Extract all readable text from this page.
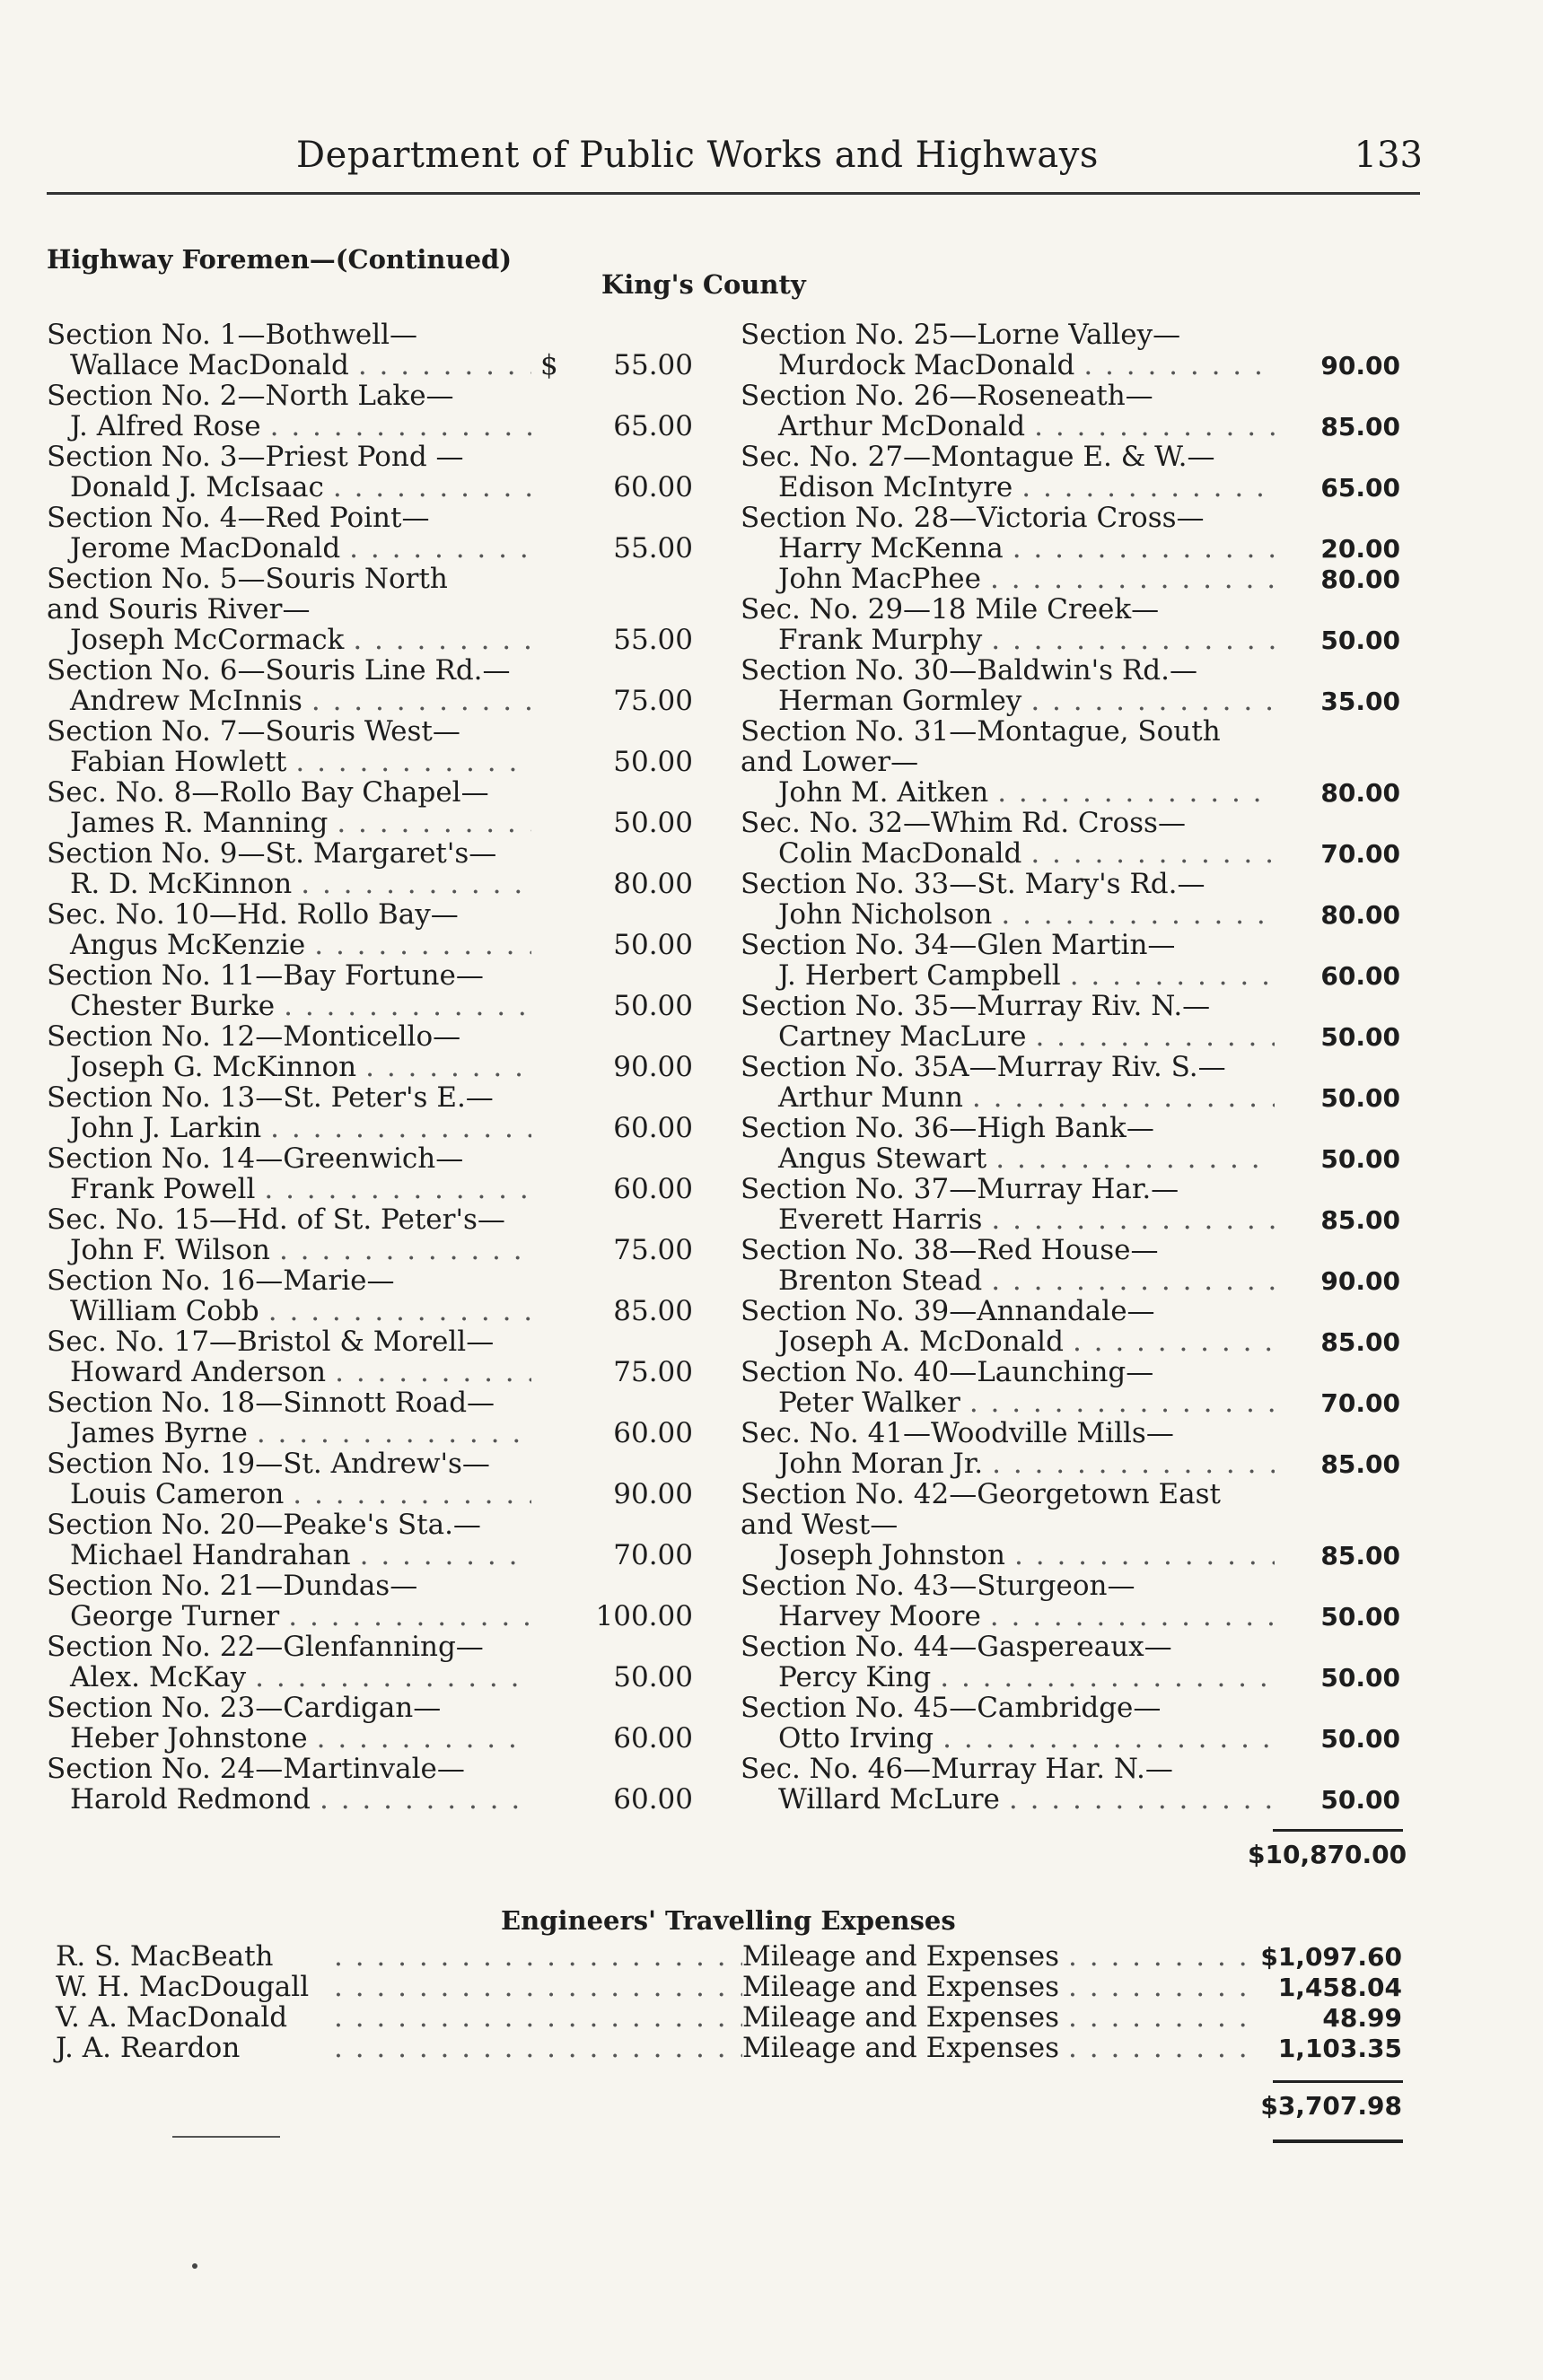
Department of Public Works and Highways	133
Highway Foremen—(Continued)
King's County
Section No. 1—Bothwell—
Wallace MacDonald . . .	$	55.00
Section No. 2—North Lake—
J. Alfred Rose . . .	65.00
Section No. 3—Priest Pond —
Donald J. McIsaac . . .	60.00
Section No. 4—Red Point—
Jerome MacDonald . . .	55.00
Section No. 5—Souris North
and Souris River—
Joseph McCormack . . .	55.00
Section No. 6—Souris Line Rd.—
Andrew McInnis . . .	75.00
Section No. 7—Souris West—
Fabian Howlett . . .	50.00
Sec. No. 8—Rollo Bay Chapel—
James R. Manning . . .	50.00
Section No. 9—St. Margaret's—
R. D. McKinnon . . .	80.00
Sec. No. 10—Hd. Rollo Bay—
Angus McKenzie . . .	50.00
Section No. 11—Bay Fortune—
Chester Burke . . .	50.00
Section No. 12—Monticello—
Joseph G. McKinnon . . .	90.00
Section No. 13—St. Peter's E.—
John J. Larkin . . .	60.00
Section No. 14—Greenwich—
Frank Powell . . .	60.00
Sec. No. 15—Hd. of St. Peter's—
John F. Wilson . . .	75.00
Section No. 16—Marie—
William Cobb . . .	85.00
Sec. No. 17—Bristol & Morell—
Howard Anderson . . .	75.00
Section No. 18—Sinnott Road—
James Byrne . . .	60.00
Section No. 19—St. Andrew's—
Louis Cameron . . .	90.00
Section No. 20—Peake's Sta.—
Michael Handrahan . . .	70.00
Section No. 21—Dundas—
George Turner . . .	100.00
Section No. 22—Glenfanning—
Alex. McKay . . .	50.00
Section No. 23—Cardigan—
Heber Johnstone . . .	60.00
Section No. 24—Martinvale—
Harold Redmond . . .	60.00
Section No. 25—Lorne Valley—
Murdock MacDonald . . .	90.00
Section No. 26—Roseneath—
Arthur McDonald . . .	85.00
Sec. No. 27—Montague E. & W.—
Edison McIntyre . . .	65.00
Section No. 28—Victoria Cross—
Harry McKenna . . .	20.00
John MacPhee . . .	80.00
Sec. No. 29—18 Mile Creek—
Frank Murphy . . .	50.00
Section No. 30—Baldwin's Rd.—
Herman Gormley . . .	35.00
Section No. 31—Montague, South
and Lower—
John M. Aitken . . .	80.00
Sec. No. 32—Whim Rd. Cross—
Colin MacDonald . . .	70.00
Section No. 33—St. Mary's Rd.—
John Nicholson . . .	80.00
Section No. 34—Glen Martin—
J. Herbert Campbell . . .	60.00
Section No. 35—Murray Riv. N.—
Cartney MacLure . . .	50.00
Section No. 35A—Murray Riv. S.—
Arthur Munn . . .	50.00
Section No. 36—High Bank—
Angus Stewart . . .	50.00
Section No. 37—Murray Har.—
Everett Harris . . .	85.00
Section No. 38—Red House—
Brenton Stead . . .	90.00
Section No. 39—Annandale—
Joseph A. McDonald . . .	85.00
Section No. 40—Launching—
Peter Walker . . .	70.00
Sec. No. 41—Woodville Mills—
John Moran Jr. . . .	85.00
Section No. 42—Georgetown East
and West—
Joseph Johnston . . .	85.00
Section No. 43—Sturgeon—
Harvey Moore . . .	50.00
Section No. 44—Gaspereaux—
Percy King . . .	50.00
Section No. 45—Cambridge—
Otto Irving . . .	50.00
Sec. No. 46—Murray Har. N.—
Willard McLure . . .	50.00
$10,870.00
Engineers' Travelling Expenses
R. S. MacBeath . . .	Mileage and Expenses . . .	$1,097.60
W. H. MacDougall . . .	Mileage and Expenses . . .	1,458.04
V. A. MacDonald . . .	Mileage and Expenses . . .	48.99
J. A. Reardon . . .	Mileage and Expenses . . .	1,103.35
$3,707.98
